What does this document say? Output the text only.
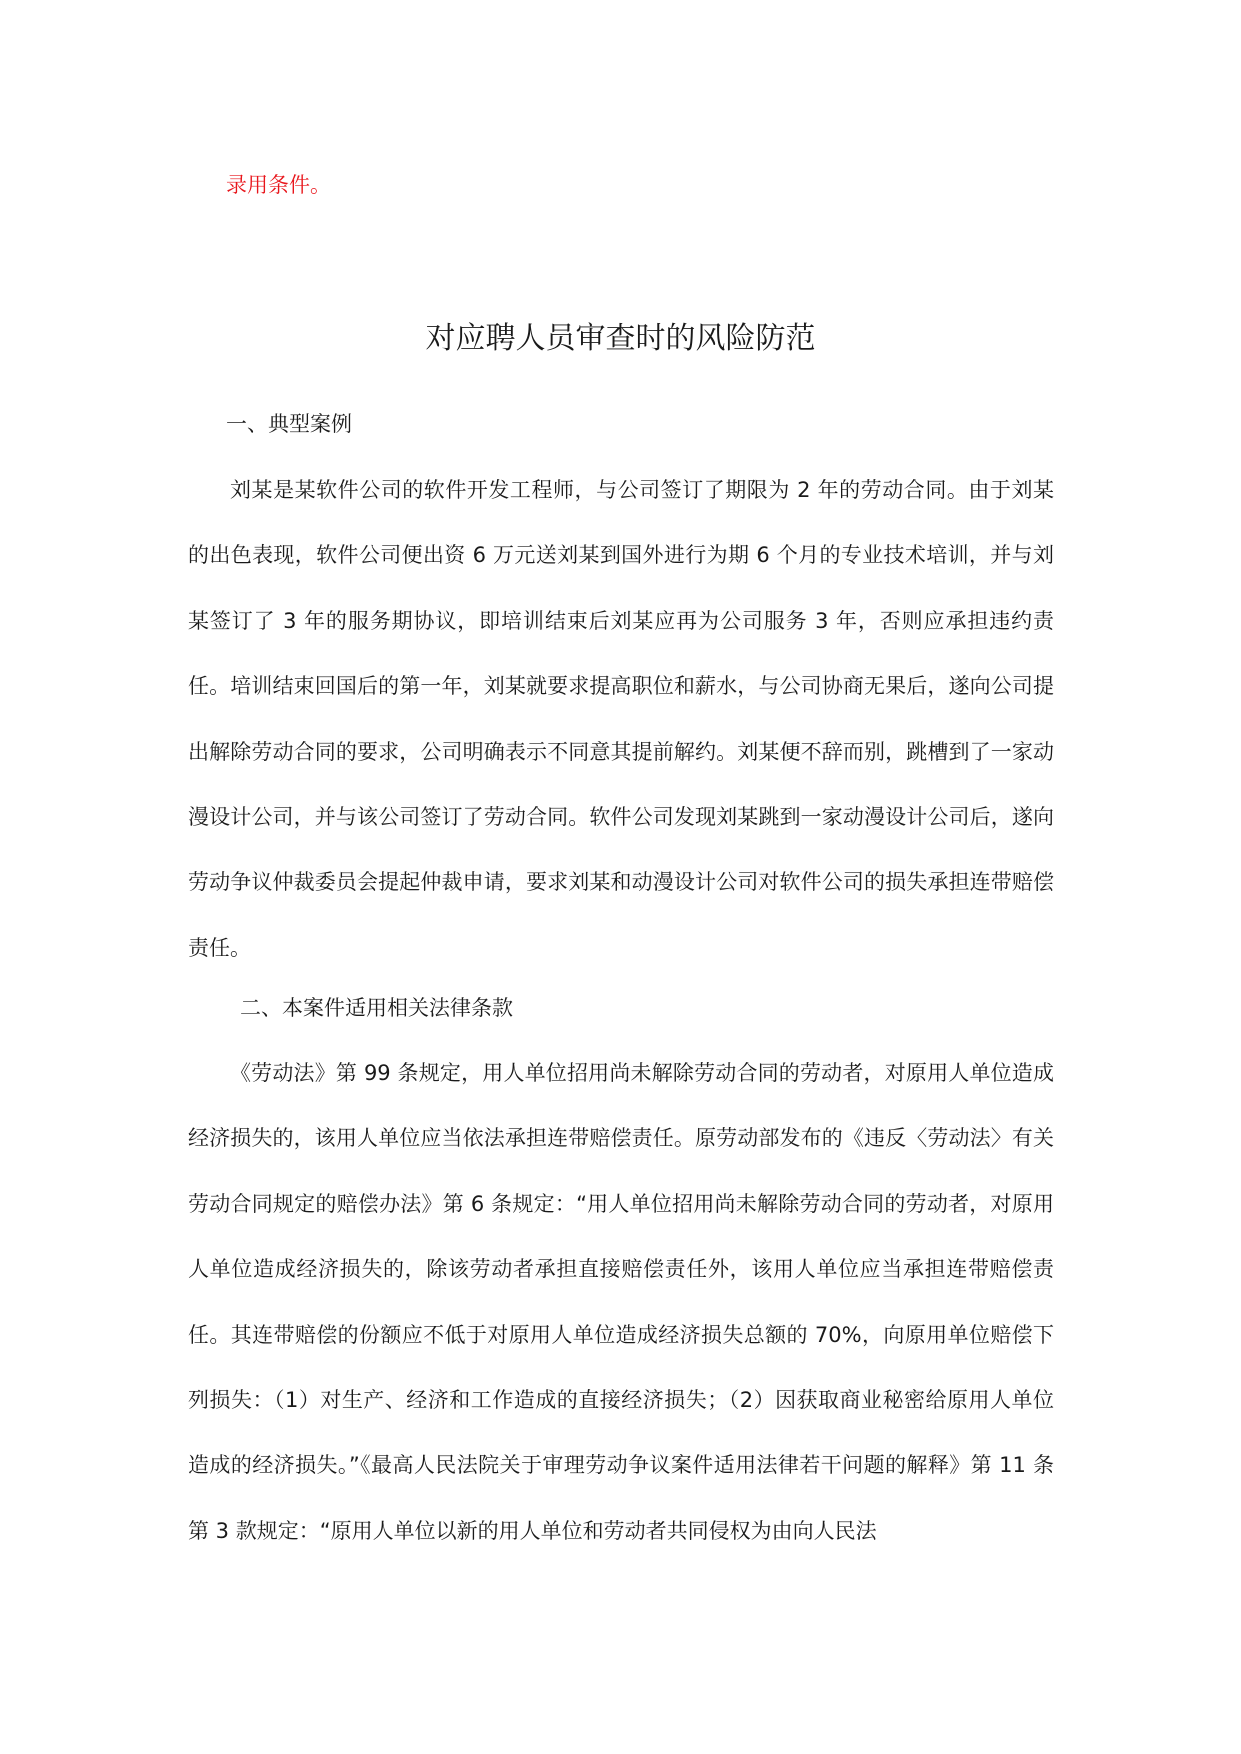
录用条件。
对应聘人员审查时的风险防范
一、典型案例
刘某是某软件公司的软件开发工程师，与公司签订了期限为 2 年的劳动合同。由于刘某的出色表现，软件公司便出资 6 万元送刘某到国外进行为期 6 个月的专业技术培训，并与刘某签订了 3 年的服务期协议，即培训结束后刘某应再为公司服务 3 年，否则应承担违约责任。培训结束回国后的第一年，刘某就要求提高职位和薪水，与公司协商无果后，遂向公司提出解除劳动合同的要求，公司明确表示不同意其提前解约。刘某便不辞而别，跳槽到了一家动漫设计公司，并与该公司签订了劳动合同。软件公司发现刘某跳到一家动漫设计公司后，遂向劳动争议仲裁委员会提起仲裁申请，要求刘某和动漫设计公司对软件公司的损失承担连带赔偿责任。
二、本案件适用相关法律条款
《劳动法》第 99 条规定，用人单位招用尚未解除劳动合同的劳动者，对原用人单位造成经济损失的，该用人单位应当依法承担连带赔偿责任。原劳动部发布的《违反〈劳动法〉有关劳动合同规定的赔偿办法》第 6 条规定：“用人单位招用尚未解除劳动合同的劳动者，对原用人单位造成经济损失的，除该劳动者承担直接赔偿责任外，该用人单位应当承担连带赔偿责任。其连带赔偿的份额应不低于对原用人单位造成经济损失总额的 70%，向原用单位赔偿下列损失：（1）对生产、经济和工作造成的直接经济损失；（2）因获取商业秘密给原用人单位造成的经济损失。”《最高人民法院关于审理劳动争议案件适用法律若干问题的解释》第 11 条第 3 款规定：“原用人单位以新的用人单位和劳动者共同侵权为由向人民法
